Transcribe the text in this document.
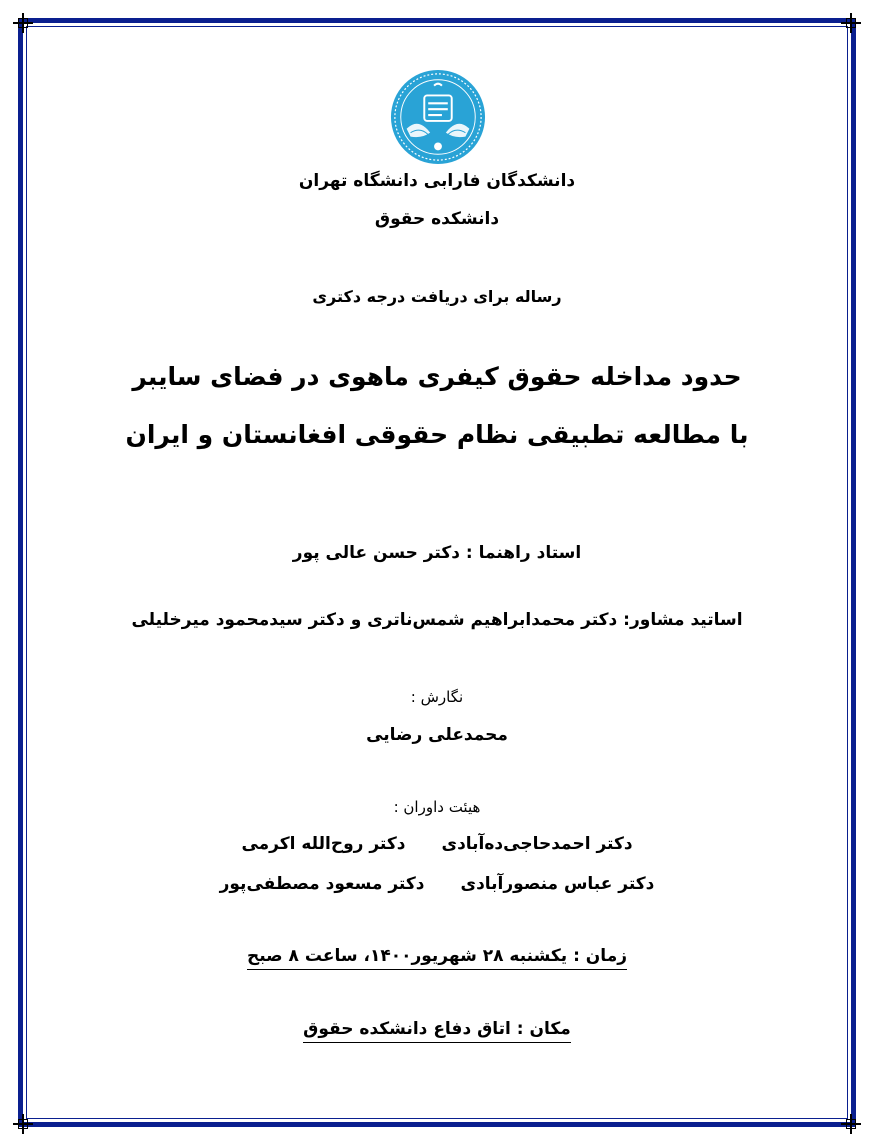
دانشکدگان فارابی دانشگاه تهران
دانشکده حقوق
رساله برای دریافت درجه دکتری
حدود مداخله حقوق کیفری ماهوی در فضای سایبر
با مطالعه تطبیقی نظام حقوقی افغانستان و ایران
استاد راهنما : دکتر حسن عالی پور
اساتید مشاور: دکتر محمدابراهیم شمس‌ناتری و دکتر سیدمحمود میرخلیلی
نگارش :
محمدعلی رضایی
هیئت داوران :
دکتر احمدحاجی‌ده‌آبادی
دکتر روح‌الله اکرمی
دکتر عباس منصورآبادی
دکتر مسعود مصطفی‌پور
زمان : یکشنبه ۲۸ شهریور۱۴۰۰، ساعت ۸ صبح
مکان : اتاق دفاع دانشکده حقوق
